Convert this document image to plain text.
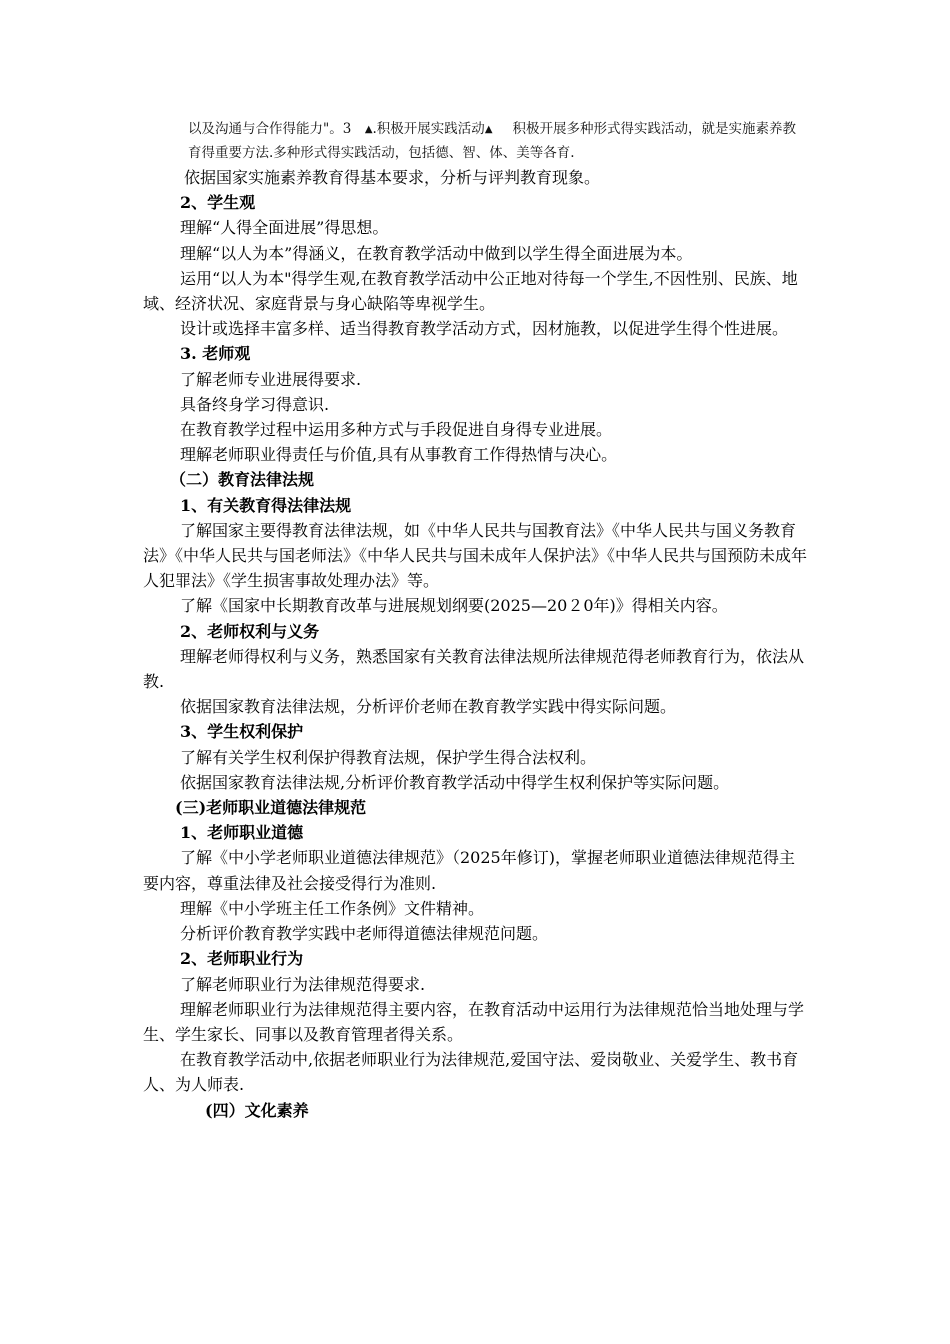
以及沟通与合作得能力"。3　 ▲.积极开展实践活动▲ 积极开展多种形式得实践活动，就是实施素养教育得重要方法.多种形式得实践活动，包括德、智、体、美等各育.

依据国家实施素养教育得基本要求，分析与评判教育现象。

2、学生观

理解“人得全面进展”得思想。

理解“以人为本”得涵义，在教育教学活动中做到以学生得全面进展为本。

运用“以人为本"得学生观,在教育教学活动中公正地对待每一个学生,不因性别、民族、地域、经济状况、家庭背景与身心缺陷等卑视学生。

设计或选择丰富多样、适当得教育教学活动方式，因材施教，以促进学生得个性进展。

3. 老师观

了解老师专业进展得要求.

具备终身学习得意识.

在教育教学过程中运用多种方式与手段促进自身得专业进展。

理解老师职业得责任与价值,具有从事教育工作得热情与决心。

（二）教育法律法规

1、有关教育得法律法规

了解国家主要得教育法律法规，如《中华人民共与国教育法》《中华人民共与国义务教育法》《中华人民共与国老师法》《中华人民共与国未成年人保护法》《中华人民共与国预防未成年人犯罪法》《学生损害事故处理办法》等。

了解《国家中长期教育改革与进展规划纲要(2025—20２0年)》得相关内容。

2、老师权利与义务

理解老师得权利与义务，熟悉国家有关教育法律法规所法律规范得老师教育行为，依法从教.

依据国家教育法律法规，分析评价老师在教育教学实践中得实际问题。

3、学生权利保护

了解有关学生权利保护得教育法规，保护学生得合法权利。

依据国家教育法律法规,分析评价教育教学活动中得学生权利保护等实际问题。

(三)老师职业道德法律规范

1、老师职业道德

了解《中小学老师职业道德法律规范》（2025年修订)，掌握老师职业道德法律规范得主要内容，尊重法律及社会接受得行为准则.

理解《中小学班主任工作条例》文件精神。

分析评价教育教学实践中老师得道德法律规范问题。

2、老师职业行为

了解老师职业行为法律规范得要求.

理解老师职业行为法律规范得主要内容，在教育活动中运用行为法律规范恰当地处理与学生、学生家长、同事以及教育管理者得关系。

在教育教学活动中,依据老师职业行为法律规范,爱国守法、爱岗敬业、关爱学生、教书育人、为人师表.

(四）文化素养
